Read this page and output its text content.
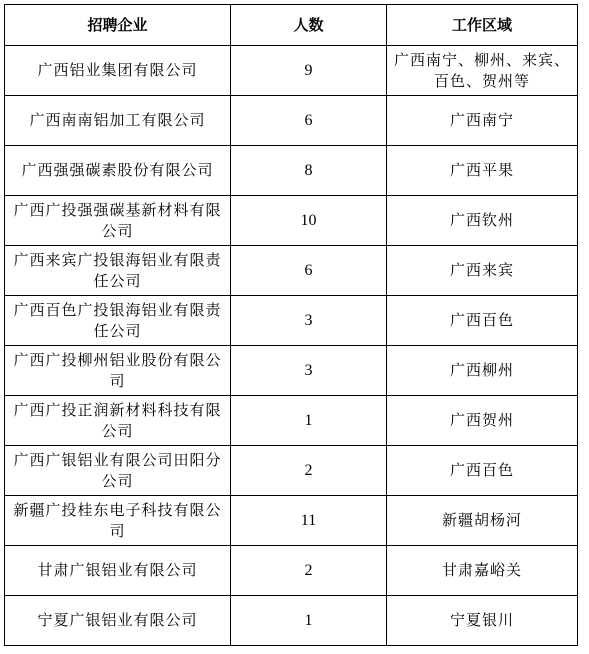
招聘企业	人数	工作区域
广西铝业集团有限公司	9	广西南宁、柳州、来宾、百色、贺州等
广西南南铝加工有限公司	6	广西南宁
广西强强碳素股份有限公司	8	广西平果
广西广投强强碳基新材料有限公司	10	广西钦州
广西来宾广投银海铝业有限责任公司	6	广西来宾
广西百色广投银海铝业有限责任公司	3	广西百色
广西广投柳州铝业股份有限公司	3	广西柳州
广西广投正润新材料科技有限公司	1	广西贺州
广西广银铝业有限公司田阳分公司	2	广西百色
新疆广投桂东电子科技有限公司	11	新疆胡杨河
甘肃广银铝业有限公司	2	甘肃嘉峪关
宁夏广银铝业有限公司	1	宁夏银川
